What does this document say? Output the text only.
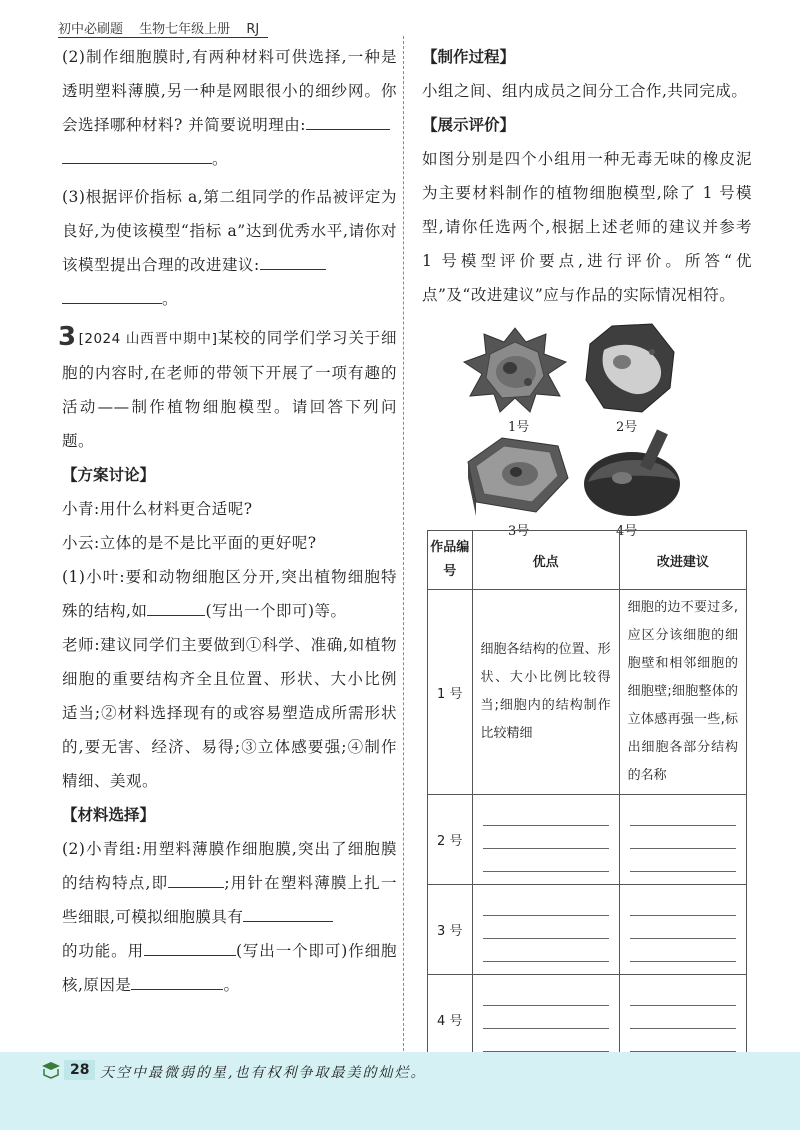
初中必刷题 生物七年级上册 RJ

(2)制作细胞膜时,有两种材料可供选择,一种是透明塑料薄膜,另一种是网眼很小的细纱网。你会选择哪种材料? 并简要说明理由:
。

(3)根据评价指标 a,第二组同学的作品被评定为良好,为使该模型“指标 a”达到优秀水平,请你对该模型提出合理的改进建议:
。

3 [2024 山西晋中期中]某校的同学们学习关于细胞的内容时,在老师的带领下开展了一项有趣的活动——制作植物细胞模型。请回答下列问题。

【方案讨论】

小青:用什么材料更合适呢?

小云:立体的是不是比平面的更好呢?

(1)小叶:要和动物细胞区分开,突出植物细胞特殊的结构,如	(写出一个即可)等。

老师:建议同学们主要做到①科学、准确,如植物细胞的重要结构齐全且位置、形状、大小比例适当;②材料选择现有的或容易塑造成所需形状的,要无害、经济、易得;③立体感要强;④制作精细、美观。

【材料选择】

(2)小青组:用塑料薄膜作细胞膜,突出了细胞膜的结构特点,即	;用针在塑料薄膜上扎一些细眼,可模拟细胞膜具有
的功能。用	(写出一个即可)作细胞核,原因是	。

【制作过程】

小组之间、组内成员之间分工合作,共同完成。

【展示评价】

如图分别是四个小组用一种无毒无味的橡皮泥为主要材料制作的植物细胞模型,除了 1 号模型,请你任选两个,根据上述老师的建议并参考 1 号模型评价要点,进行评价。所答“优点”及“改进建议”应与作品的实际情况相符。

1号	2号
3号	4号
作品编号	优点	改进建议
1 号	细胞各结构的位置、形状、大小比例比较得当;细胞内的结构制作比较精细	细胞的边不要过多,应区分该细胞的细胞壁和相邻细胞的细胞壁;细胞整体的立体感再强一些,标出细胞各部分结构的名称

2 号	

3 号	

4 号	

28 天空中最微弱的星,也有权利争取最美的灿烂。
